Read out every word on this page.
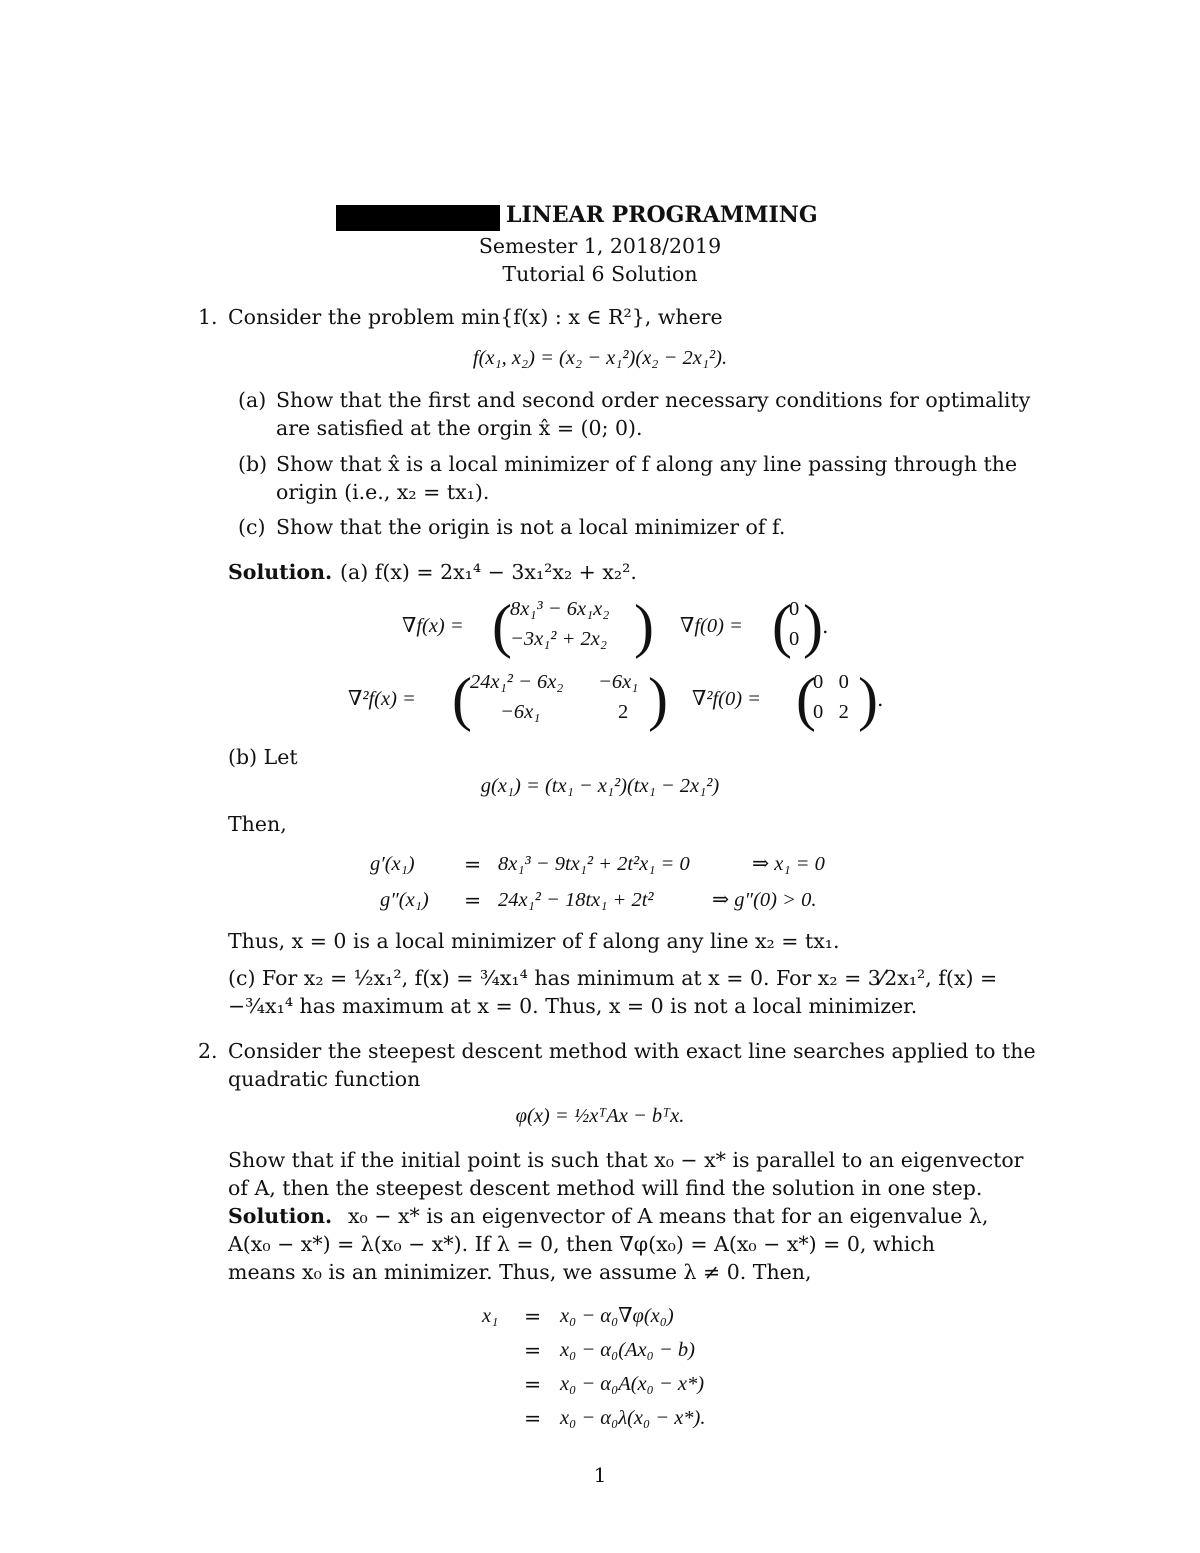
LINEAR PROGRAMMING
Semester 1, 2018/2019
Tutorial 6 Solution
1. Consider the problem min{f(x) : x ∈ R²}, where
f(x₁, x₂) = (x₂ − x₁²)(x₂ − 2x₁²).
(a) Show that the first and second order necessary conditions for optimality
are satisfied at the orgin x̂ = (0; 0).
(b) Show that x̂ is a local minimizer of f along any line passing through the
origin (i.e., x₂ = tx₁).
(c) Show that the origin is not a local minimizer of f.
Solution. (a) f(x) = 2x₁⁴ − 3x₁²x₂ + x₂².
∇f(x) = (
8x₁³ − 6x₁x₂
−3x₁² + 2x₂ ) ∇f(0) = (
0
0 ) .
∇²f(x) = (
24x₁² − 6x₂ −6x₁
−6x₁	2 ) ∇²f(0) = (
0   0
0   2 ) .
(b) Let
g(x₁) = (tx₁ − x₁²)(tx₁ − 2x₁²)
Then,
g′(x₁) = 8x₁³ − 9tx₁² + 2t²x₁ = 0	⇒ x₁ = 0
g″(x₁) = 24x₁² − 18tx₁ + 2t²	⇒ g″(0) > 0.
Thus, x = 0 is a local minimizer of f along any line x₂ = tx₁.
(c) For x₂ = ½x₁², f(x) = ¾x₁⁴ has minimum at x = 0. For x₂ = 3⁄2x₁², f(x) =
−¾x₁⁴ has maximum at x = 0. Thus, x = 0 is not a local minimizer.
2. Consider the steepest descent method with exact line searches applied to the
quadratic function
φ(x) = ½xᵀAx − bᵀx.
Show that if the initial point is such that x₀ − x* is parallel to an eigenvector
of A, then the steepest descent method will find the solution in one step.
Solution. x₀ − x* is an eigenvector of A means that for an eigenvalue λ,
A(x₀ − x*) = λ(x₀ − x*). If λ = 0, then ∇φ(x₀) = A(x₀ − x*) = 0, which
means x₀ is an minimizer. Thus, we assume λ ≠ 0. Then,
x₁ = x₀ − α₀∇φ(x₀)
= x₀ − α₀(Ax₀ − b)
= x₀ − α₀A(x₀ − x*)
= x₀ − α₀λ(x₀ − x*).
1
